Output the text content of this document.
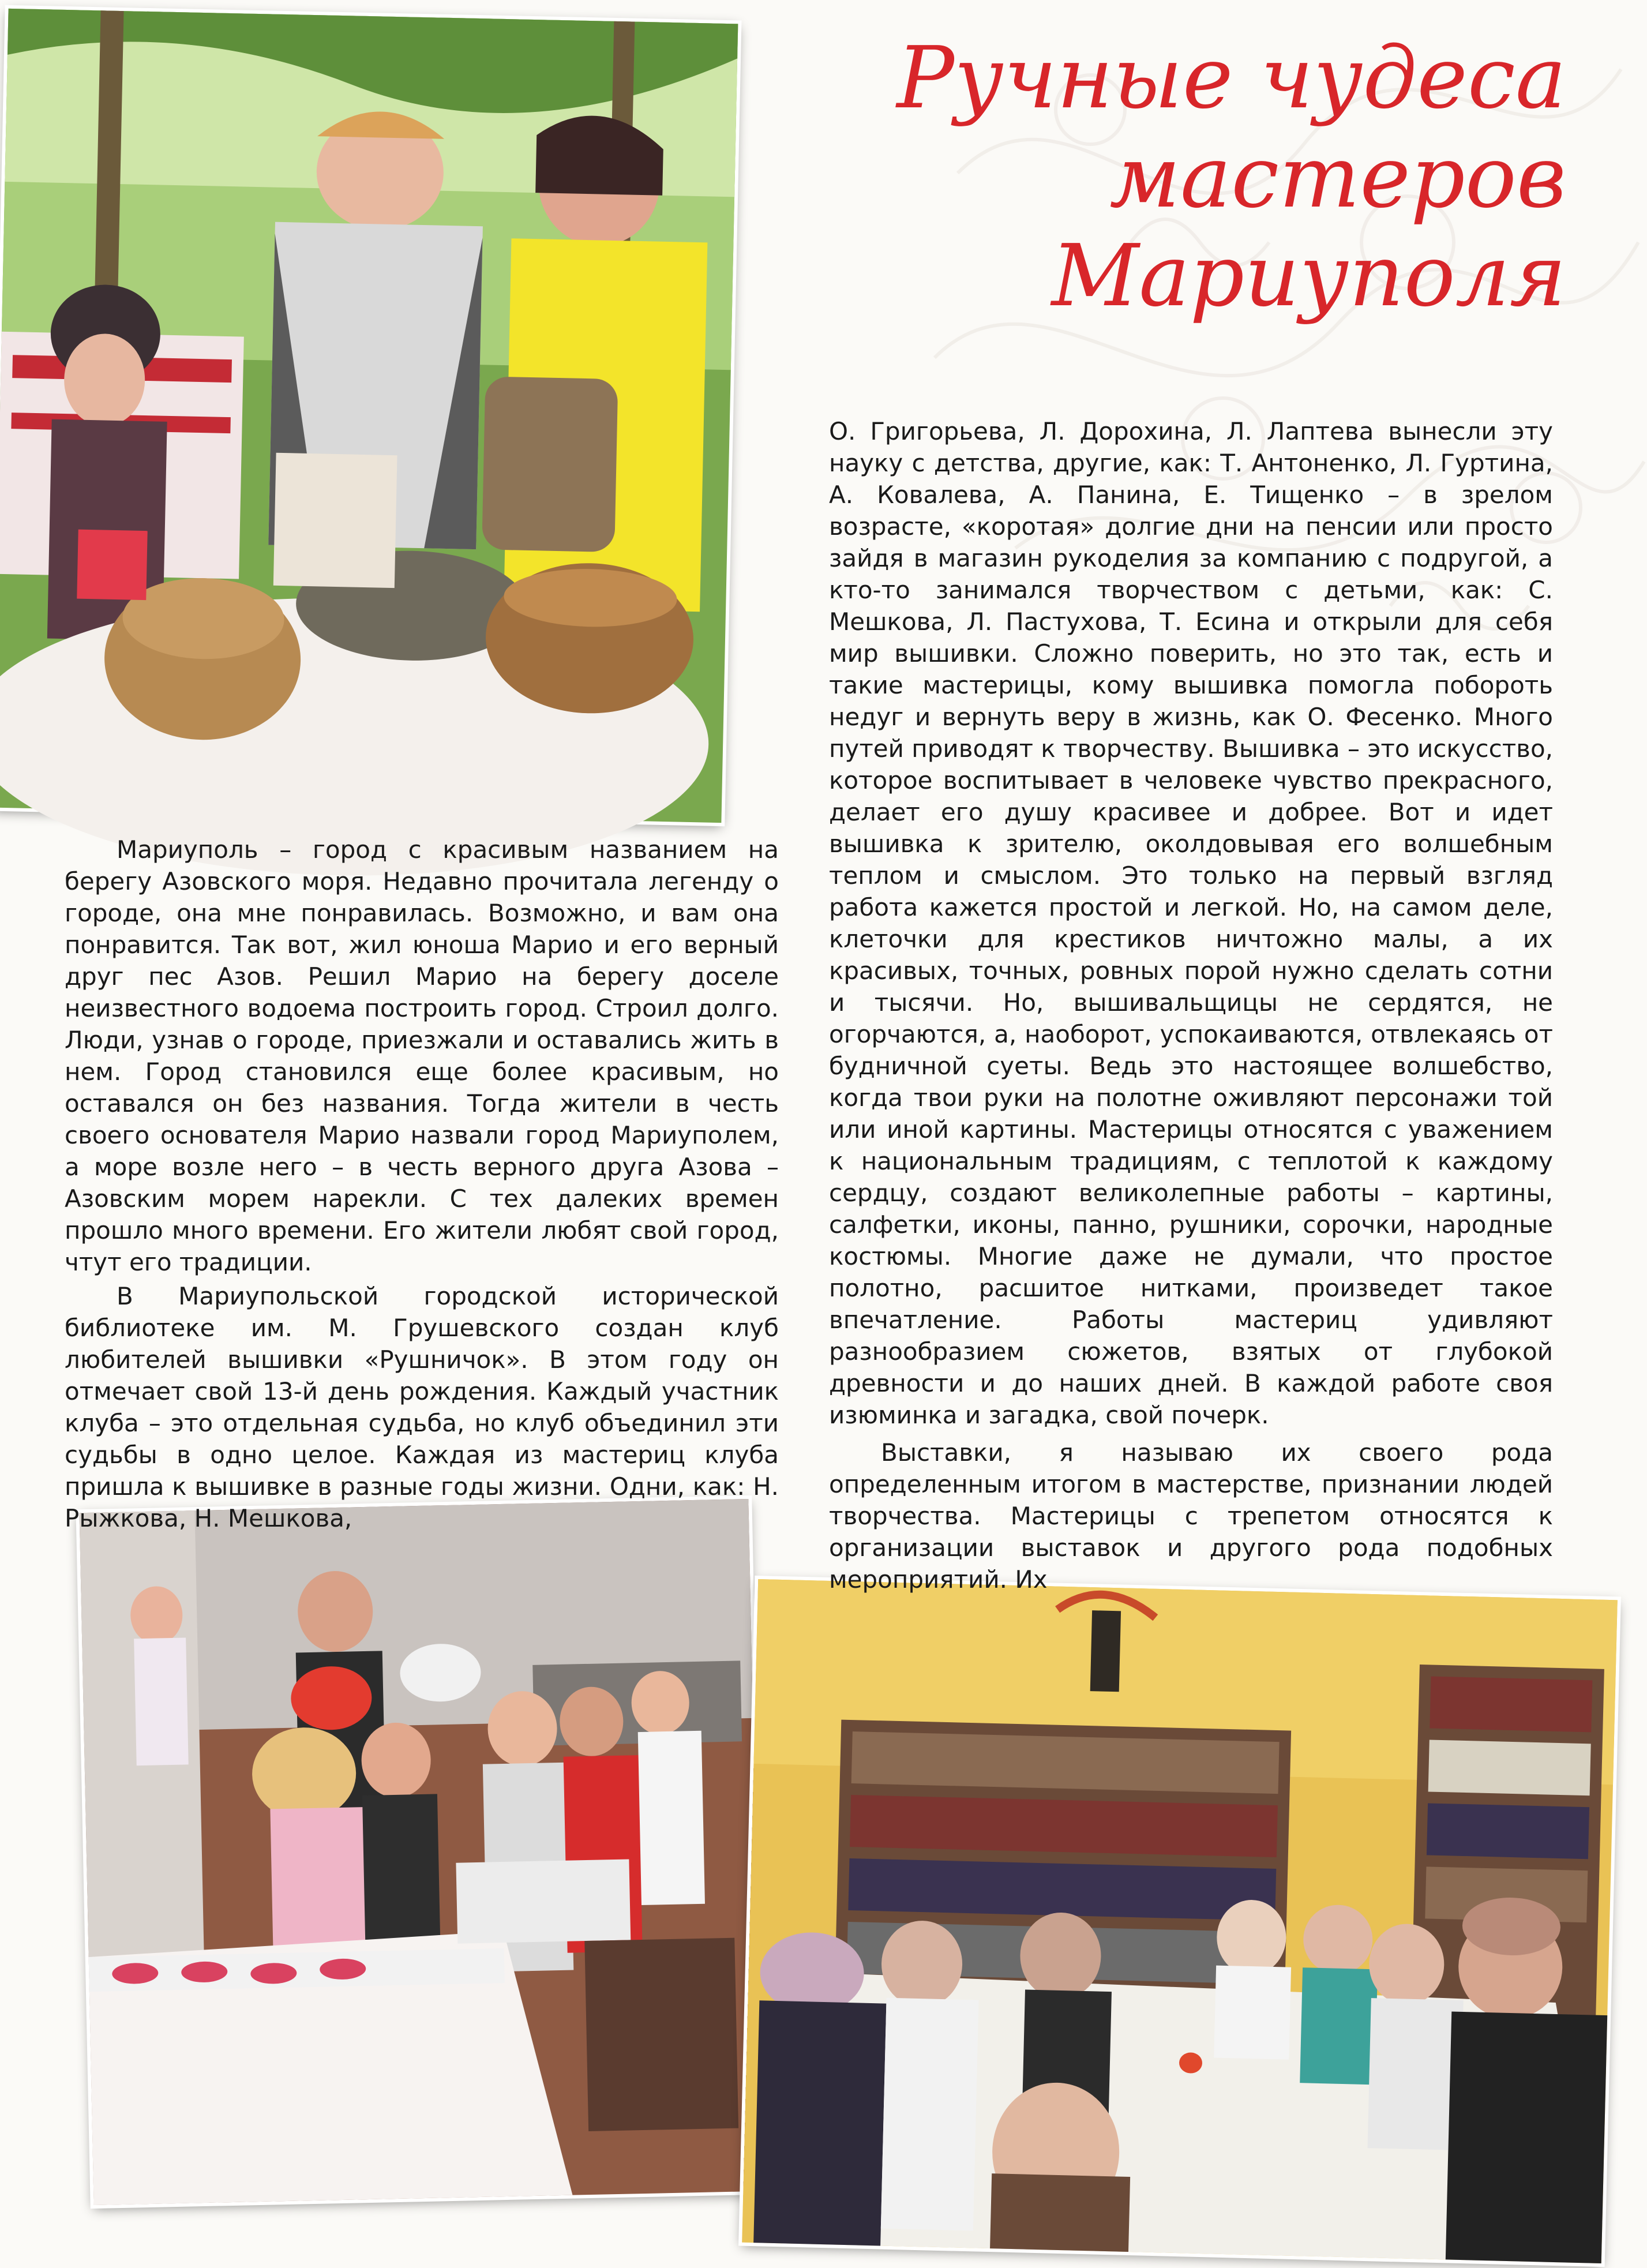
Ручные чудеса
мастеров
Мариуполя

Мариуполь – город с красивым названием на берегу Азовского моря. Недавно прочитала легенду о городе, она мне понравилась. Возможно, и вам она понравится. Так вот, жил юноша Марио и его верный друг пес Азов. Решил Марио на берегу доселе неизвестного водоема построить город. Строил долго. Люди, узнав о городе, приезжали и оставались жить в нем. Город становился еще более красивым, но оставался он без названия. Тогда жители в честь своего основателя Марио назвали город Мариуполем, а море возле него – в честь верного друга Азова – Азовским морем нарекли. С тех далеких времен прошло много времени. Его жители любят свой город, чтут его традиции.

В Мариупольской городской исторической библиотеке им. М. Грушевского создан клуб любителей вышивки «Рушничок». В этом году он отмечает свой 13-й день рождения. Каждый участник клуба – это отдельная судьба, но клуб объединил эти судьбы в одно целое. Каждая из мастериц клуба пришла к вышивке в разные годы жизни. Одни, как: Н. Рыжкова, Н. Мешкова,

О. Григорьева, Л. Дорохина, Л. Лаптева вынесли эту науку с детства, другие, как: Т. Антоненко, Л. Гуртина, А. Ковалева, А. Панина, Е. Тищенко – в зрелом возрасте, «коротая» долгие дни на пенсии или просто зайдя в магазин рукоделия за компанию с подругой, а кто-то занимался творчеством с детьми, как: С. Мешкова, Л. Пастухова, Т. Есина и открыли для себя мир вышивки. Сложно поверить, но это так, есть и такие мастерицы, кому вышивка помогла побороть недуг и вернуть веру в жизнь, как О. Фесенко. Много путей приводят к творчеству. Вышивка – это искусство, которое воспитывает в человеке чувство прекрасного, делает его душу красивее и добрее. Вот и идет вышивка к зрителю, околдовывая его волшебным теплом и смыслом. Это только на первый взгляд работа кажется простой и легкой. Но, на самом деле, клеточки для крестиков ничтожно малы, а их красивых, точных, ровных порой нужно сделать сотни и тысячи. Но, вышивальщицы не сердятся, не огорчаются, а, наоборот, успокаиваются, отвлекаясь от будничной суеты. Ведь это настоящее волшебство, когда твои руки на полотне оживляют персонажи той или иной картины. Мастерицы относятся с уважением к национальным традициям, с теплотой к каждому сердцу, создают великолепные работы – картины, салфетки, иконы, панно, рушники, сорочки, народные костюмы. Многие даже не думали, что простое полотно, расшитое нитками, произведет такое впечатление. Работы мастериц удивляют разнообразием сюжетов, взятых от глубокой древности и до наших дней. В каждой работе своя изюминка и загадка, свой почерк.

Выставки, я называю их своего рода определенным итогом в мастерстве, признании людей творчества. Мастерицы с трепетом относятся к организации выставок и другого рода подобных мероприятий. Их
